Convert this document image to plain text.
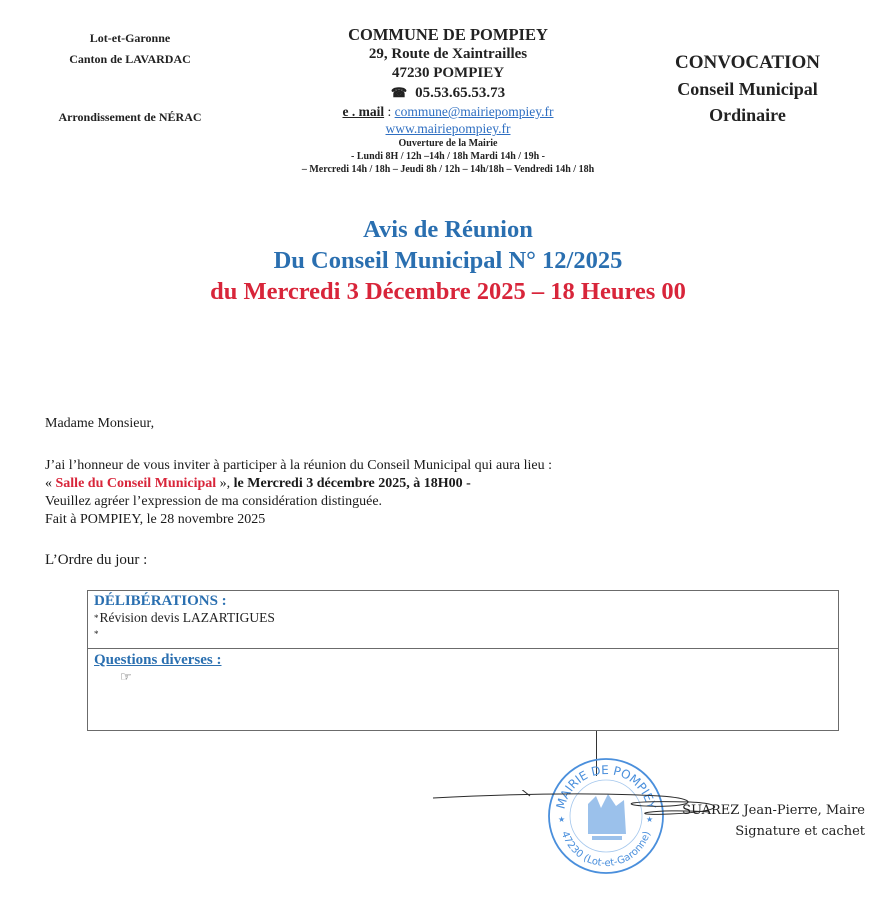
Lot-et-Garonne
Canton de LAVARDAC
Arrondissement de NÉRAC
COMMUNE DE POMPIEY
29, Route de Xaintrailles
47230 POMPIEY
☎ 05.53.65.53.73
e . mail : commune@mairiepompiey.fr
www.mairiepompiey.fr
Ouverture de la Mairie
- Lundi 8H / 12h –14h / 18h Mardi 14h / 19h -
– Mercredi 14h / 18h – Jeudi 8h / 12h – 14h/18h – Vendredi 14h / 18h
CONVOCATION
Conseil Municipal
Ordinaire
Avis de Réunion
Du Conseil Municipal N° 12/2025
du Mercredi 3 Décembre 2025 – 18 Heures 00
Madame Monsieur,
J’ai l’honneur de vous inviter à participer à la réunion du Conseil Municipal qui aura lieu :
« Salle du Conseil Municipal », le Mercredi 3 décembre 2025, à 18H00 -
Veuillez agréer l’expression de ma considération distinguée.
Fait à POMPIEY, le 28 novembre 2025
L’Ordre du jour :
DÉLIBÉRATIONS :
*Révision devis LAZARTIGUES
*
Questions diverses :
☞
MAIRIE DE POMPIEY
47230 (Lot-et-Garonne)
★	★
SUAREZ Jean-Pierre, Maire
Signature et cachet
